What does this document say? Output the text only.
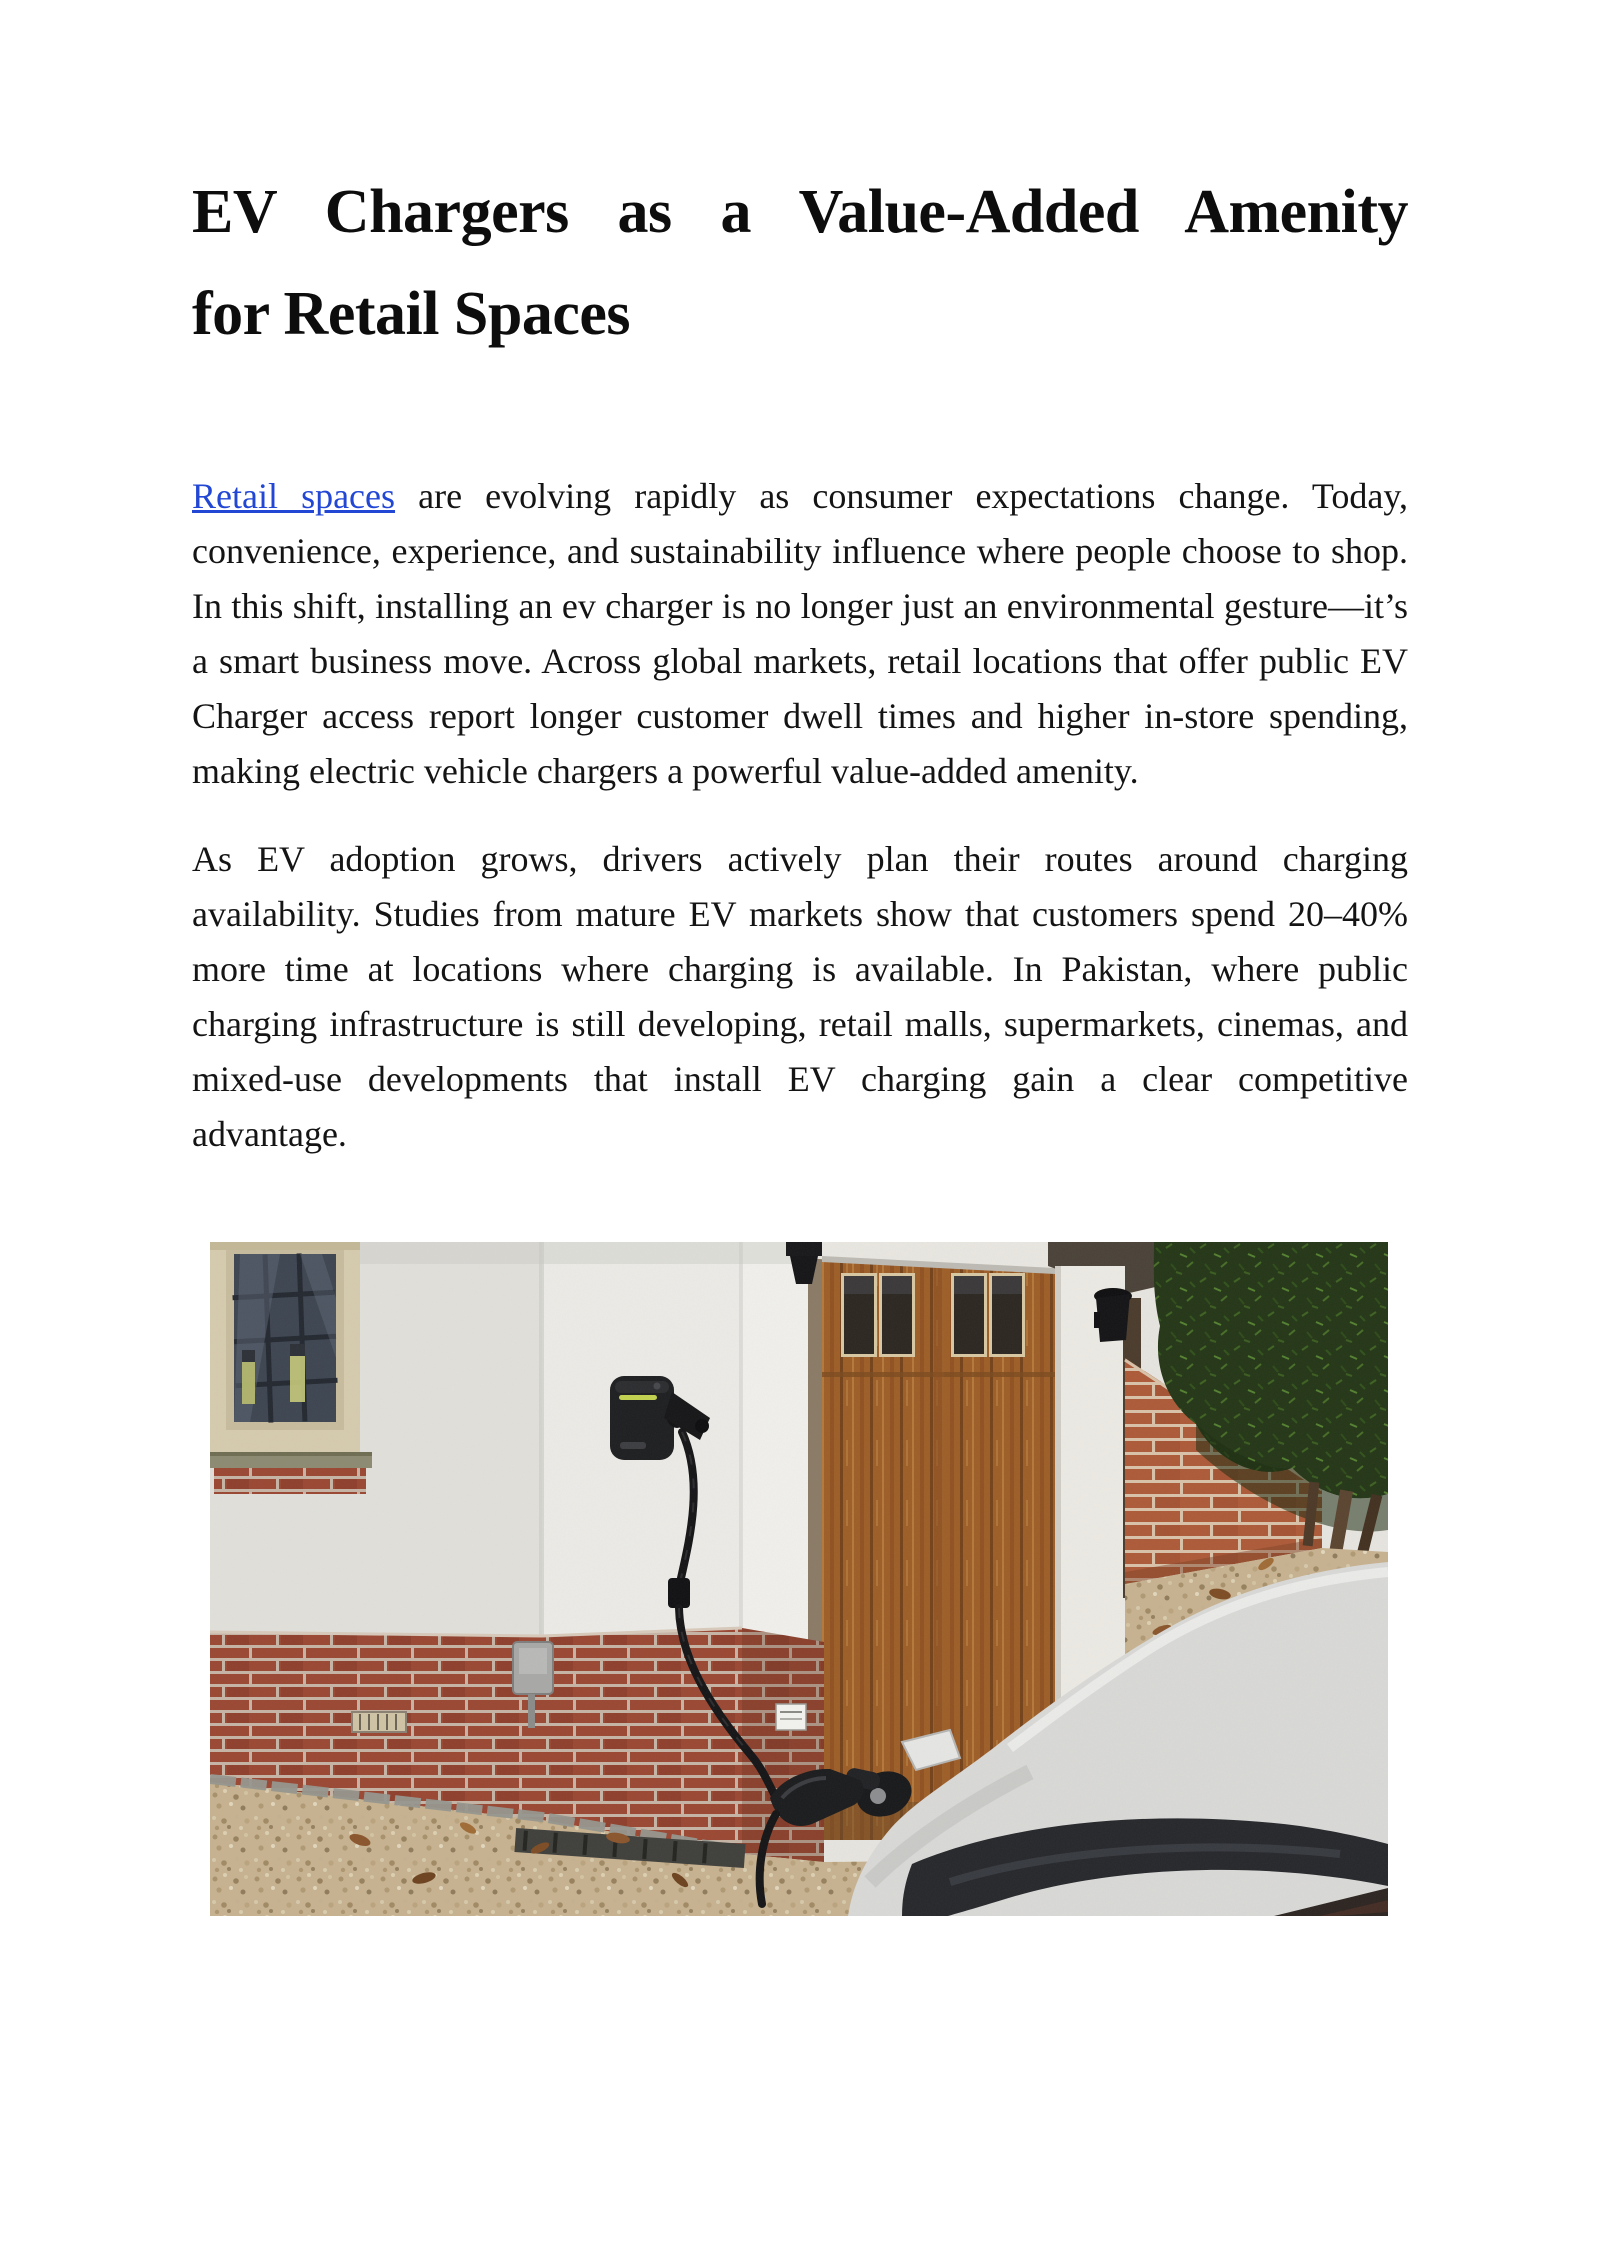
EV Chargers as a Value-Added Amenity
for Retail Spaces

Retail spaces are evolving rapidly as consumer expectations change. Today, convenience, experience, and sustainability influence where people choose to shop. In this shift, installing an ev charger is no longer just an environmental gesture—it’s a smart business move. Across global markets, retail locations that offer public EV Charger access report longer customer dwell times and higher in-store spending, making electric vehicle chargers a powerful value-added amenity.

As EV adoption grows, drivers actively plan their routes around charging availability. Studies from mature EV markets show that customers spend 20–40% more time at locations where charging is available. In Pakistan, where public charging infrastructure is still developing, retail malls, supermarkets, cinemas, and mixed-use developments that install EV charging gain a clear competitive advantage.
